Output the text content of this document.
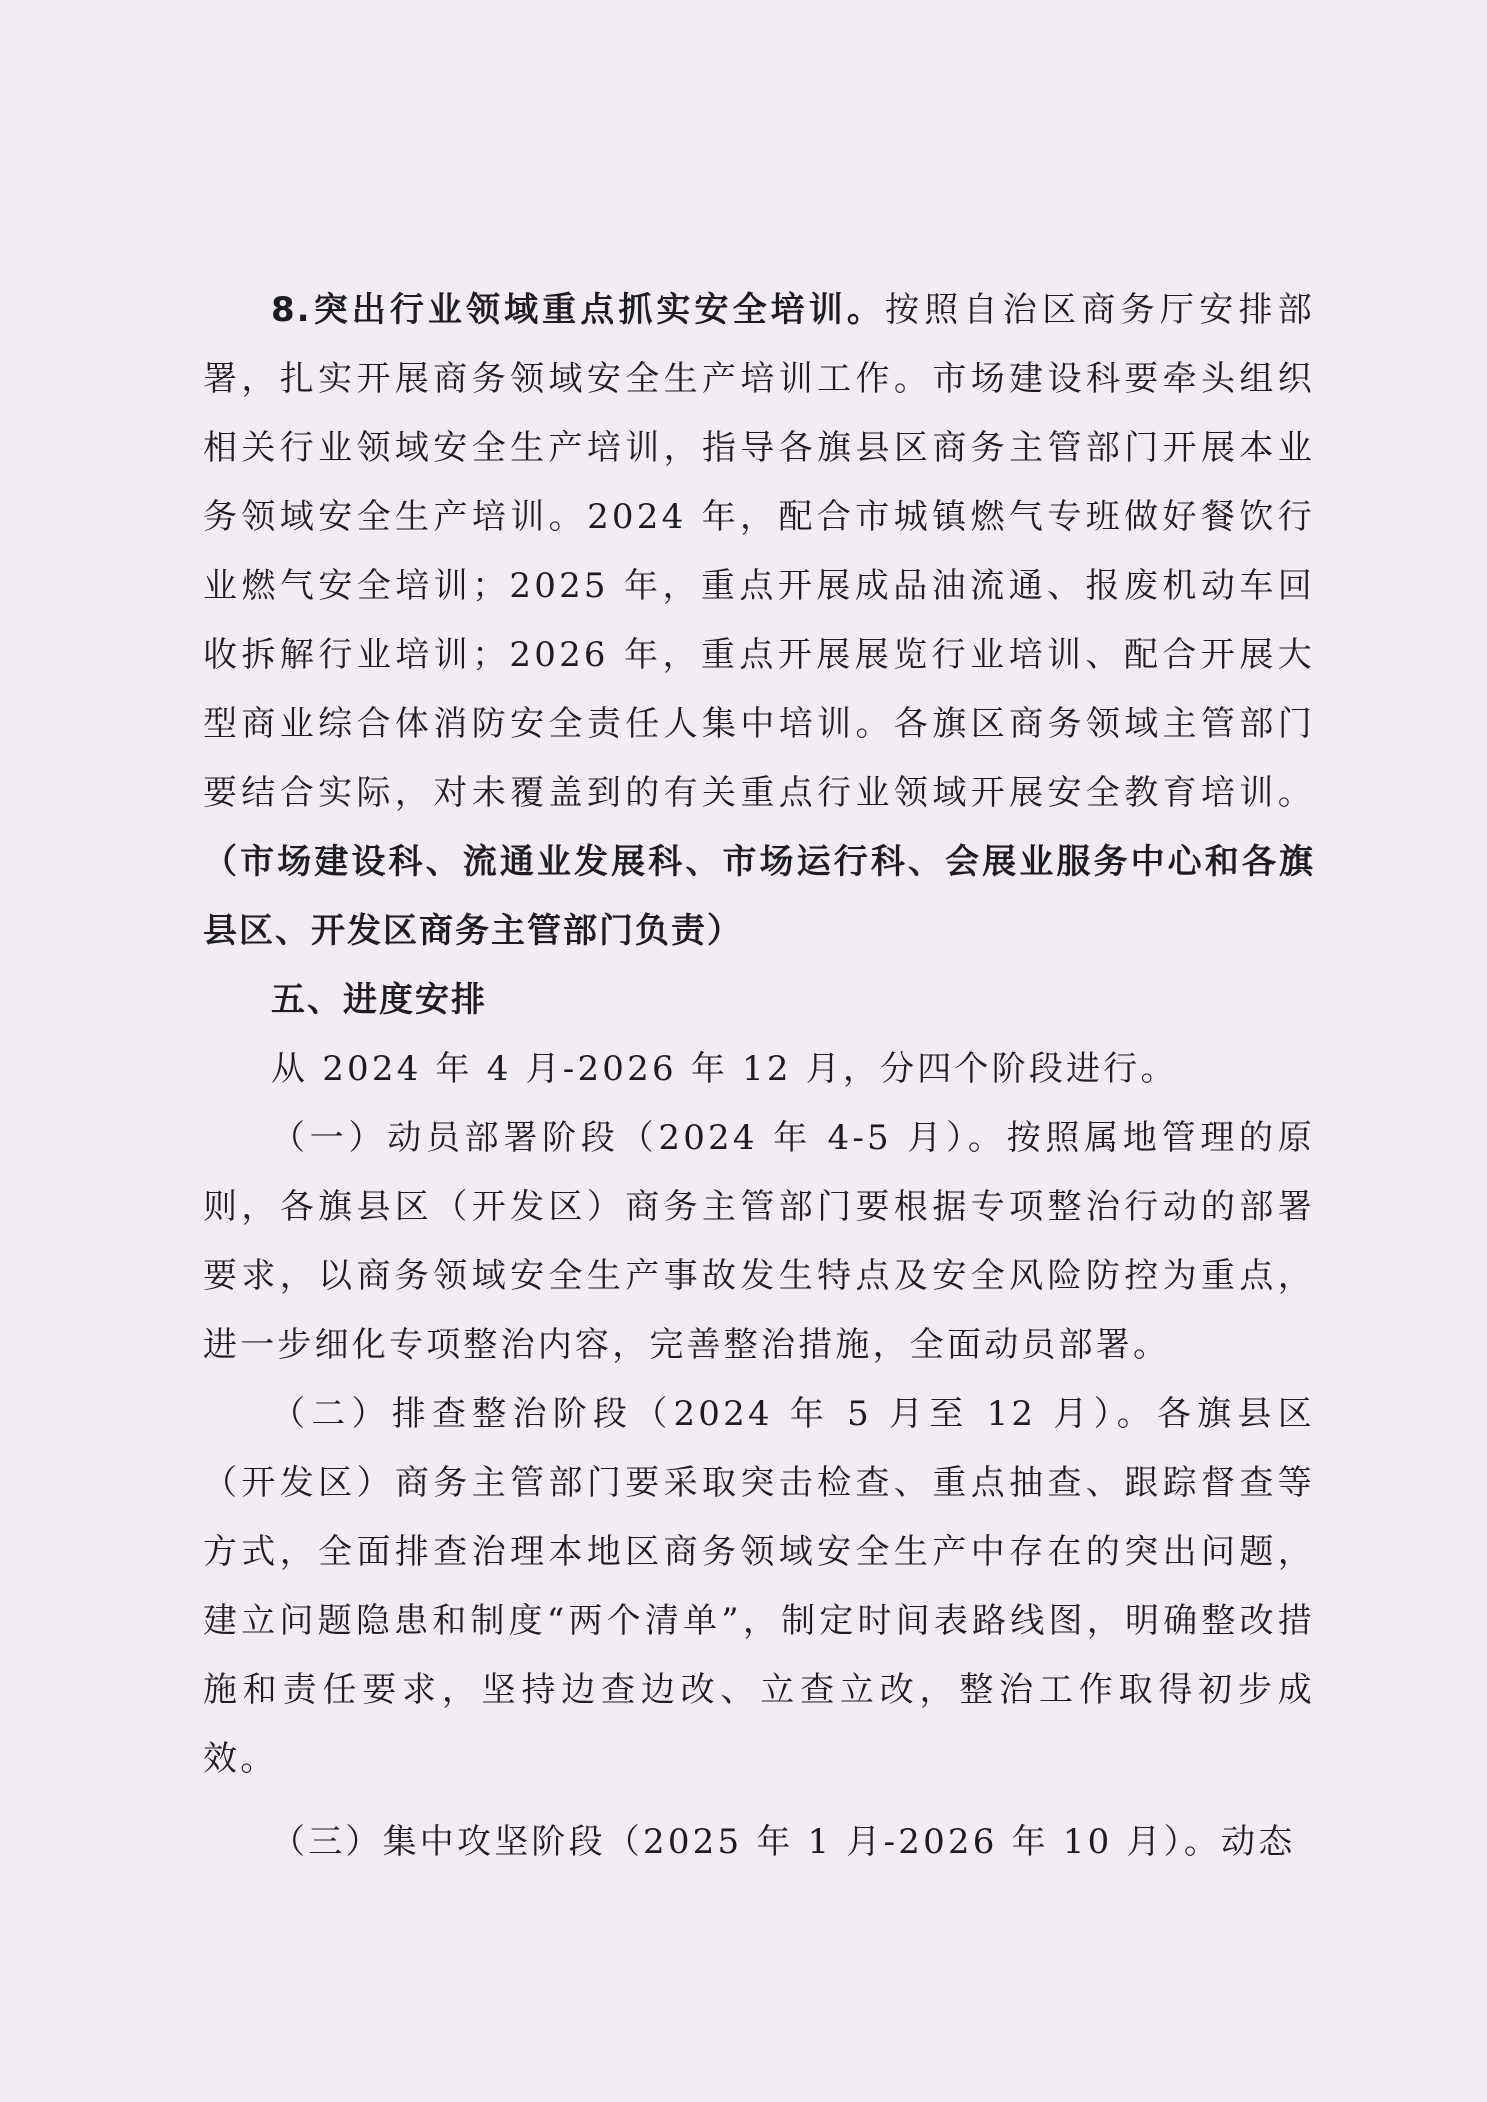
8.突出行业领域重点抓实安全培训。按照自治区商务厅安排部署，扎实开展商务领域安全生产培训工作。市场建设科要牵头组织相关行业领域安全生产培训，指导各旗县区商务主管部门开展本业务领域安全生产培训。2024 年，配合市城镇燃气专班做好餐饮行业燃气安全培训；2025 年，重点开展成品油流通、报废机动车回收拆解行业培训；2026 年，重点开展展览行业培训、配合开展大型商业综合体消防安全责任人集中培训。各旗区商务领域主管部门要结合实际，对未覆盖到的有关重点行业领域开展安全教育培训。（市场建设科、流通业发展科、市场运行科、会展业服务中心和各旗县区、开发区商务主管部门负责）

五、进度安排

从 2024 年 4 月-2026 年 12 月，分四个阶段进行。

（一）动员部署阶段（2024 年 4-5 月）。按照属地管理的原则，各旗县区（开发区）商务主管部门要根据专项整治行动的部署要求，以商务领域安全生产事故发生特点及安全风险防控为重点，进一步细化专项整治内容，完善整治措施，全面动员部署。

（二）排查整治阶段（2024 年 5 月至 12 月）。各旗县区（开发区）商务主管部门要采取突击检查、重点抽查、跟踪督查等方式，全面排查治理本地区商务领域安全生产中存在的突出问题，建立问题隐患和制度“两个清单”，制定时间表路线图，明确整改措施和责任要求，坚持边查边改、立查立改，整治工作取得初步成效。

（三）集中攻坚阶段（2025 年 1 月-2026 年 10 月）。动态
